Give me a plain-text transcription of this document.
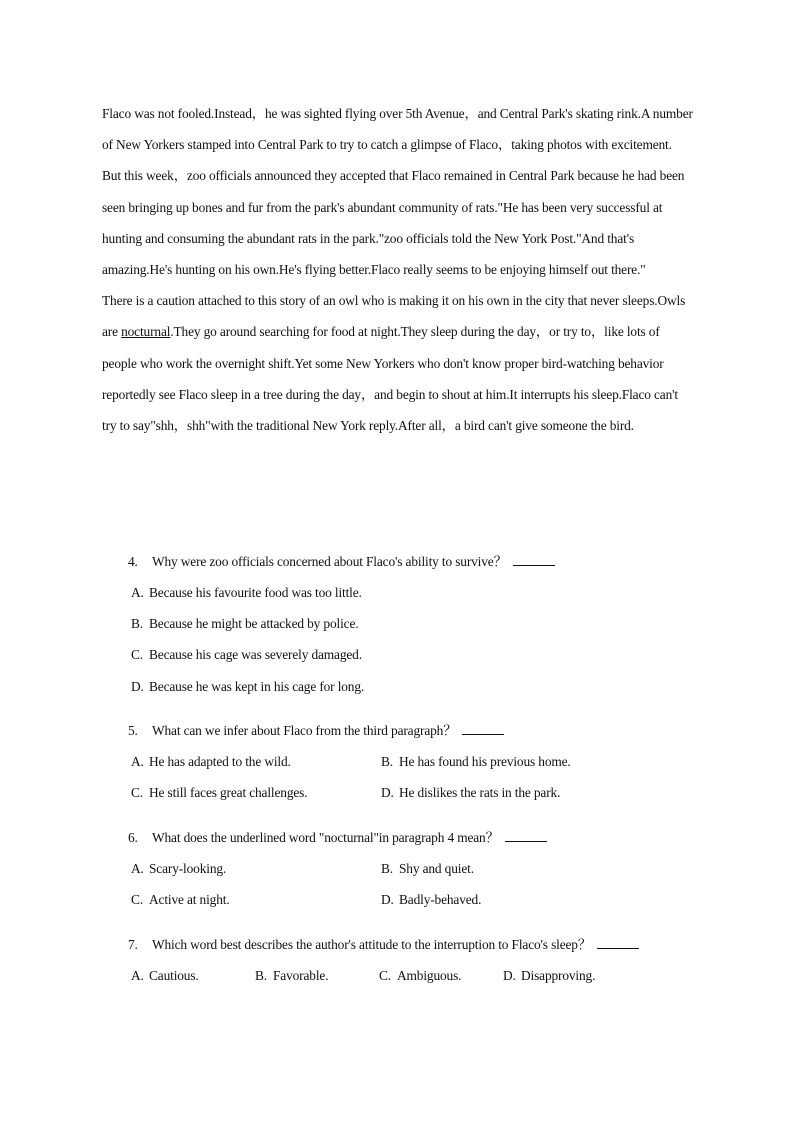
Flaco was not fooled.Instead，he was sighted flying over 5th Avenue，and Central Park's skating rink.A number of New Yorkers stamped into Central Park to try to catch a glimpse of Flaco，taking photos with excitement.

But this week，zoo officials announced they accepted that Flaco remained in Central Park because he had been seen bringing up bones and fur from the park's abundant community of rats."He has been very successful at hunting and consuming the abundant rats in the park."zoo officials told the New York Post."And that's amazing.He's hunting on his own.He's flying better.Flaco really seems to be enjoying himself out there."

There is a caution attached to this story of an owl who is making it on his own in the city that never sleeps.Owls are nocturnal.They go around searching for food at night.They sleep during the day，or try to，like lots of people who work the overnight shift.Yet some New Yorkers who don't know proper bird-watching behavior reportedly see Flaco sleep in a tree during the day，and begin to shout at him.It interrupts his sleep.Flaco can't try to say"shh，shh"with the traditional New York reply.After all，a bird can't give someone the bird.

4. Why were zoo officials concerned about Flaco's ability to survive？
A. Because his favourite food was too little.
B. Because he might be attacked by police.
C. Because his cage was severely damaged.
D. Because he was kept in his cage for long.
5. What can we infer about Flaco from the third paragraph？
A. He has adapted to the wild.	B. He has found his previous home.
C. He still faces great challenges.	D. He dislikes the rats in the park.
6. What does the underlined word "nocturnal"in paragraph 4 mean？
A. Scary-looking.	B. Shy and quiet.
C. Active at night.	D. Badly-behaved.
7. Which word best describes the author's attitude to the interruption to Flaco's sleep？
A. Cautious.	B. Favorable.	C. Ambiguous.	D. Disapproving.
